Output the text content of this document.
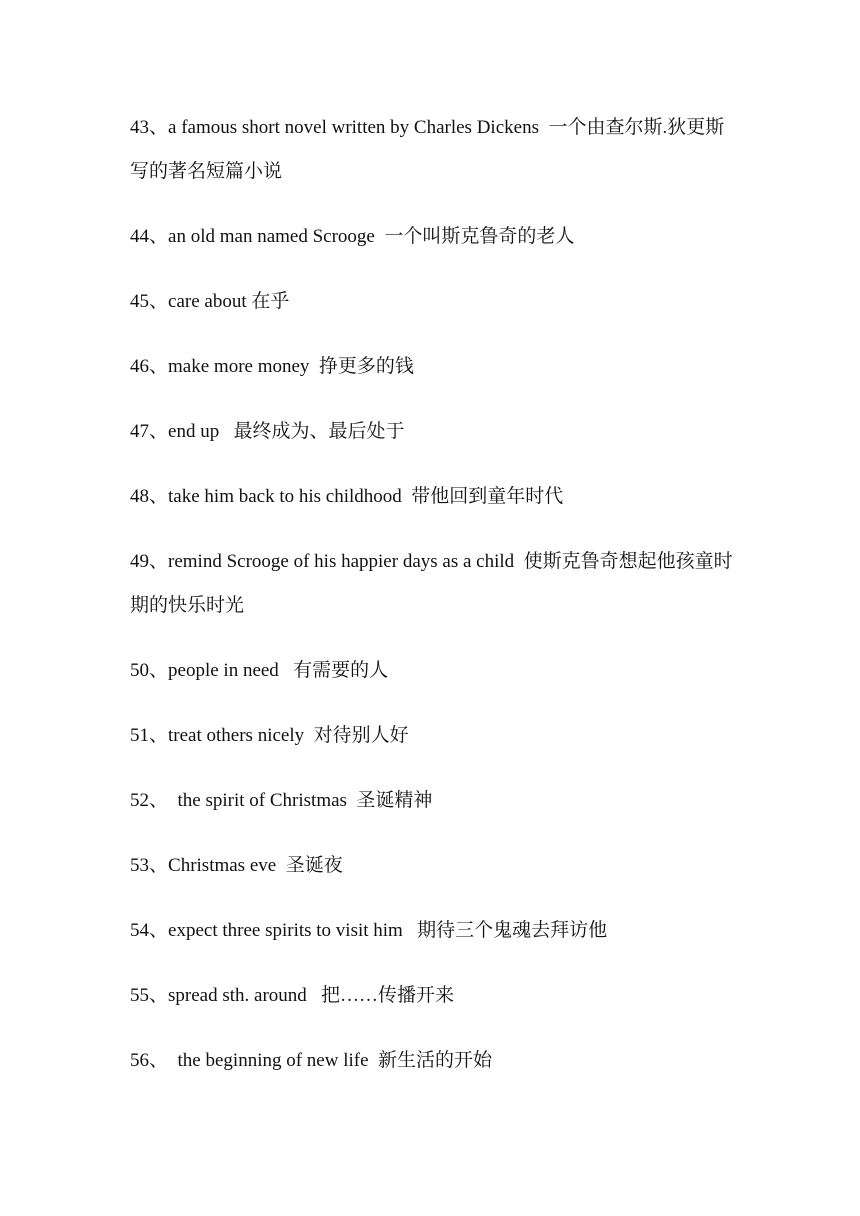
43、a famous short novel written by Charles Dickens  一个由查尔斯.狄更斯写的著名短篇小说
44、an old man named Scrooge  一个叫斯克鲁奇的老人
45、care about 在乎
46、make more money  挣更多的钱
47、end up   最终成为、最后处于
48、take him back to his childhood  带他回到童年时代
49、remind Scrooge of his happier days as a child  使斯克鲁奇想起他孩童时期的快乐时光
50、people in need   有需要的人
51、treat others nicely  对待别人好
52、  the spirit of Christmas  圣诞精神
53、Christmas eve  圣诞夜
54、expect three spirits to visit him   期待三个鬼魂去拜访他
55、spread sth. around   把……传播开来
56、  the beginning of new life  新生活的开始
